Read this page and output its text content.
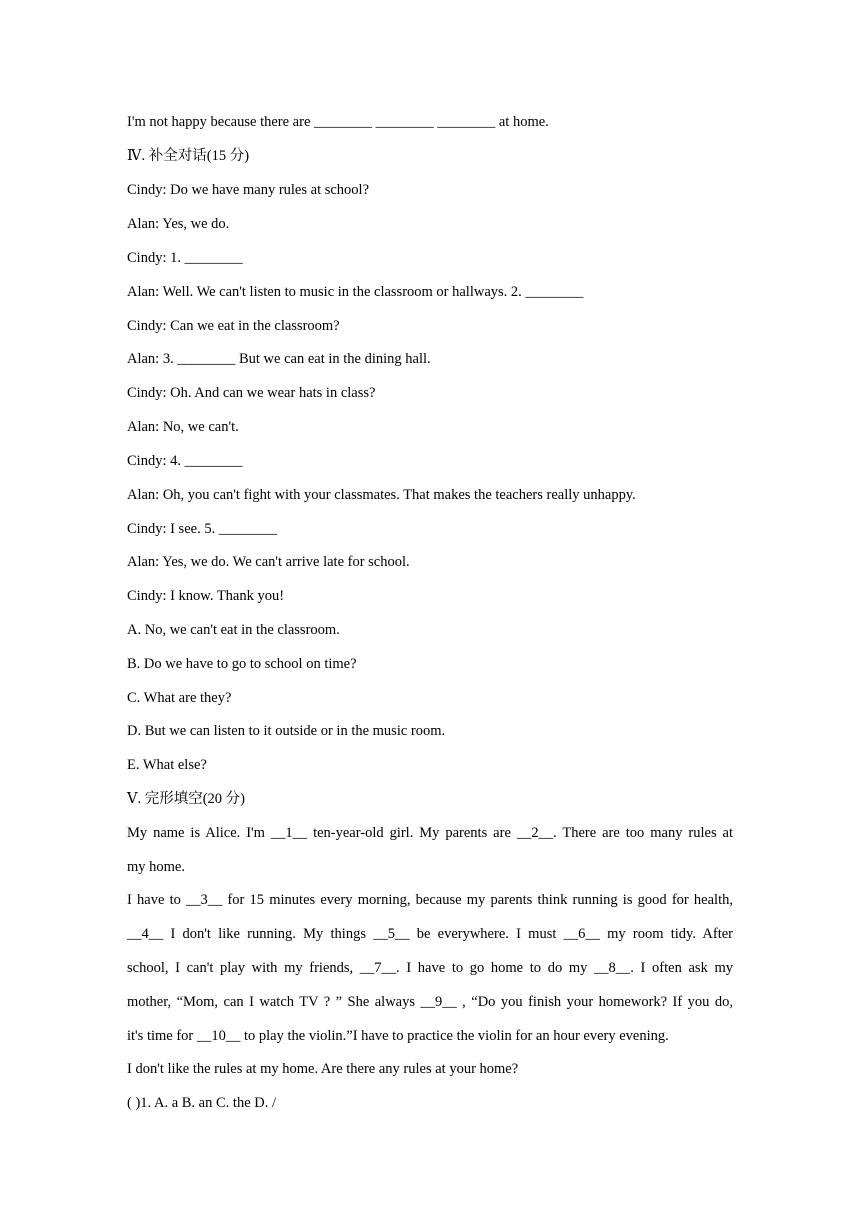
I'm not happy because there are ________ ________ ________ at home.
Ⅳ. 补全对话(15 分)
Cindy: Do we have many rules at school?
Alan: Yes, we do.
Cindy: 1. ________
Alan: Well. We can't listen to music in the classroom or hallways. 2. ________
Cindy: Can we eat in the classroom?
Alan: 3. ________ But we can eat in the dining hall.
Cindy: Oh. And can we wear hats in class?
Alan: No, we can't.
Cindy: 4. ________
Alan: Oh, you can't fight with your classmates. That makes the teachers really unhappy.
Cindy: I see. 5. ________
Alan: Yes, we do. We can't arrive late for school.
Cindy: I know. Thank you!
A. No, we can't eat in the classroom.
B. Do we have to go to school on time?
C. What are they?
D. But we can listen to it outside or in the music room.
E. What else?
Ⅴ. 完形填空(20 分)
My name is Alice. I'm __1__ ten-year-old girl. My parents are __2__. There are too many rules at
my home.
I have to __3__ for 15 minutes every morning, because my parents think running is good for health,
__4__ I don't like running. My things __5__ be everywhere. I must __6__ my room tidy. After
school, I can't play with my friends, __7__. I have to go home to do my __8__. I often ask my
mother, “Mom, can I watch TV ? ” She always __9__ , “Do you finish your homework? If you do,
it's time for __10__ to play the violin.”I have to practice the violin for an hour every evening.
I don't like the rules at my home. Are there any rules at your home?
( )1. A. a B. an C. the D. /
